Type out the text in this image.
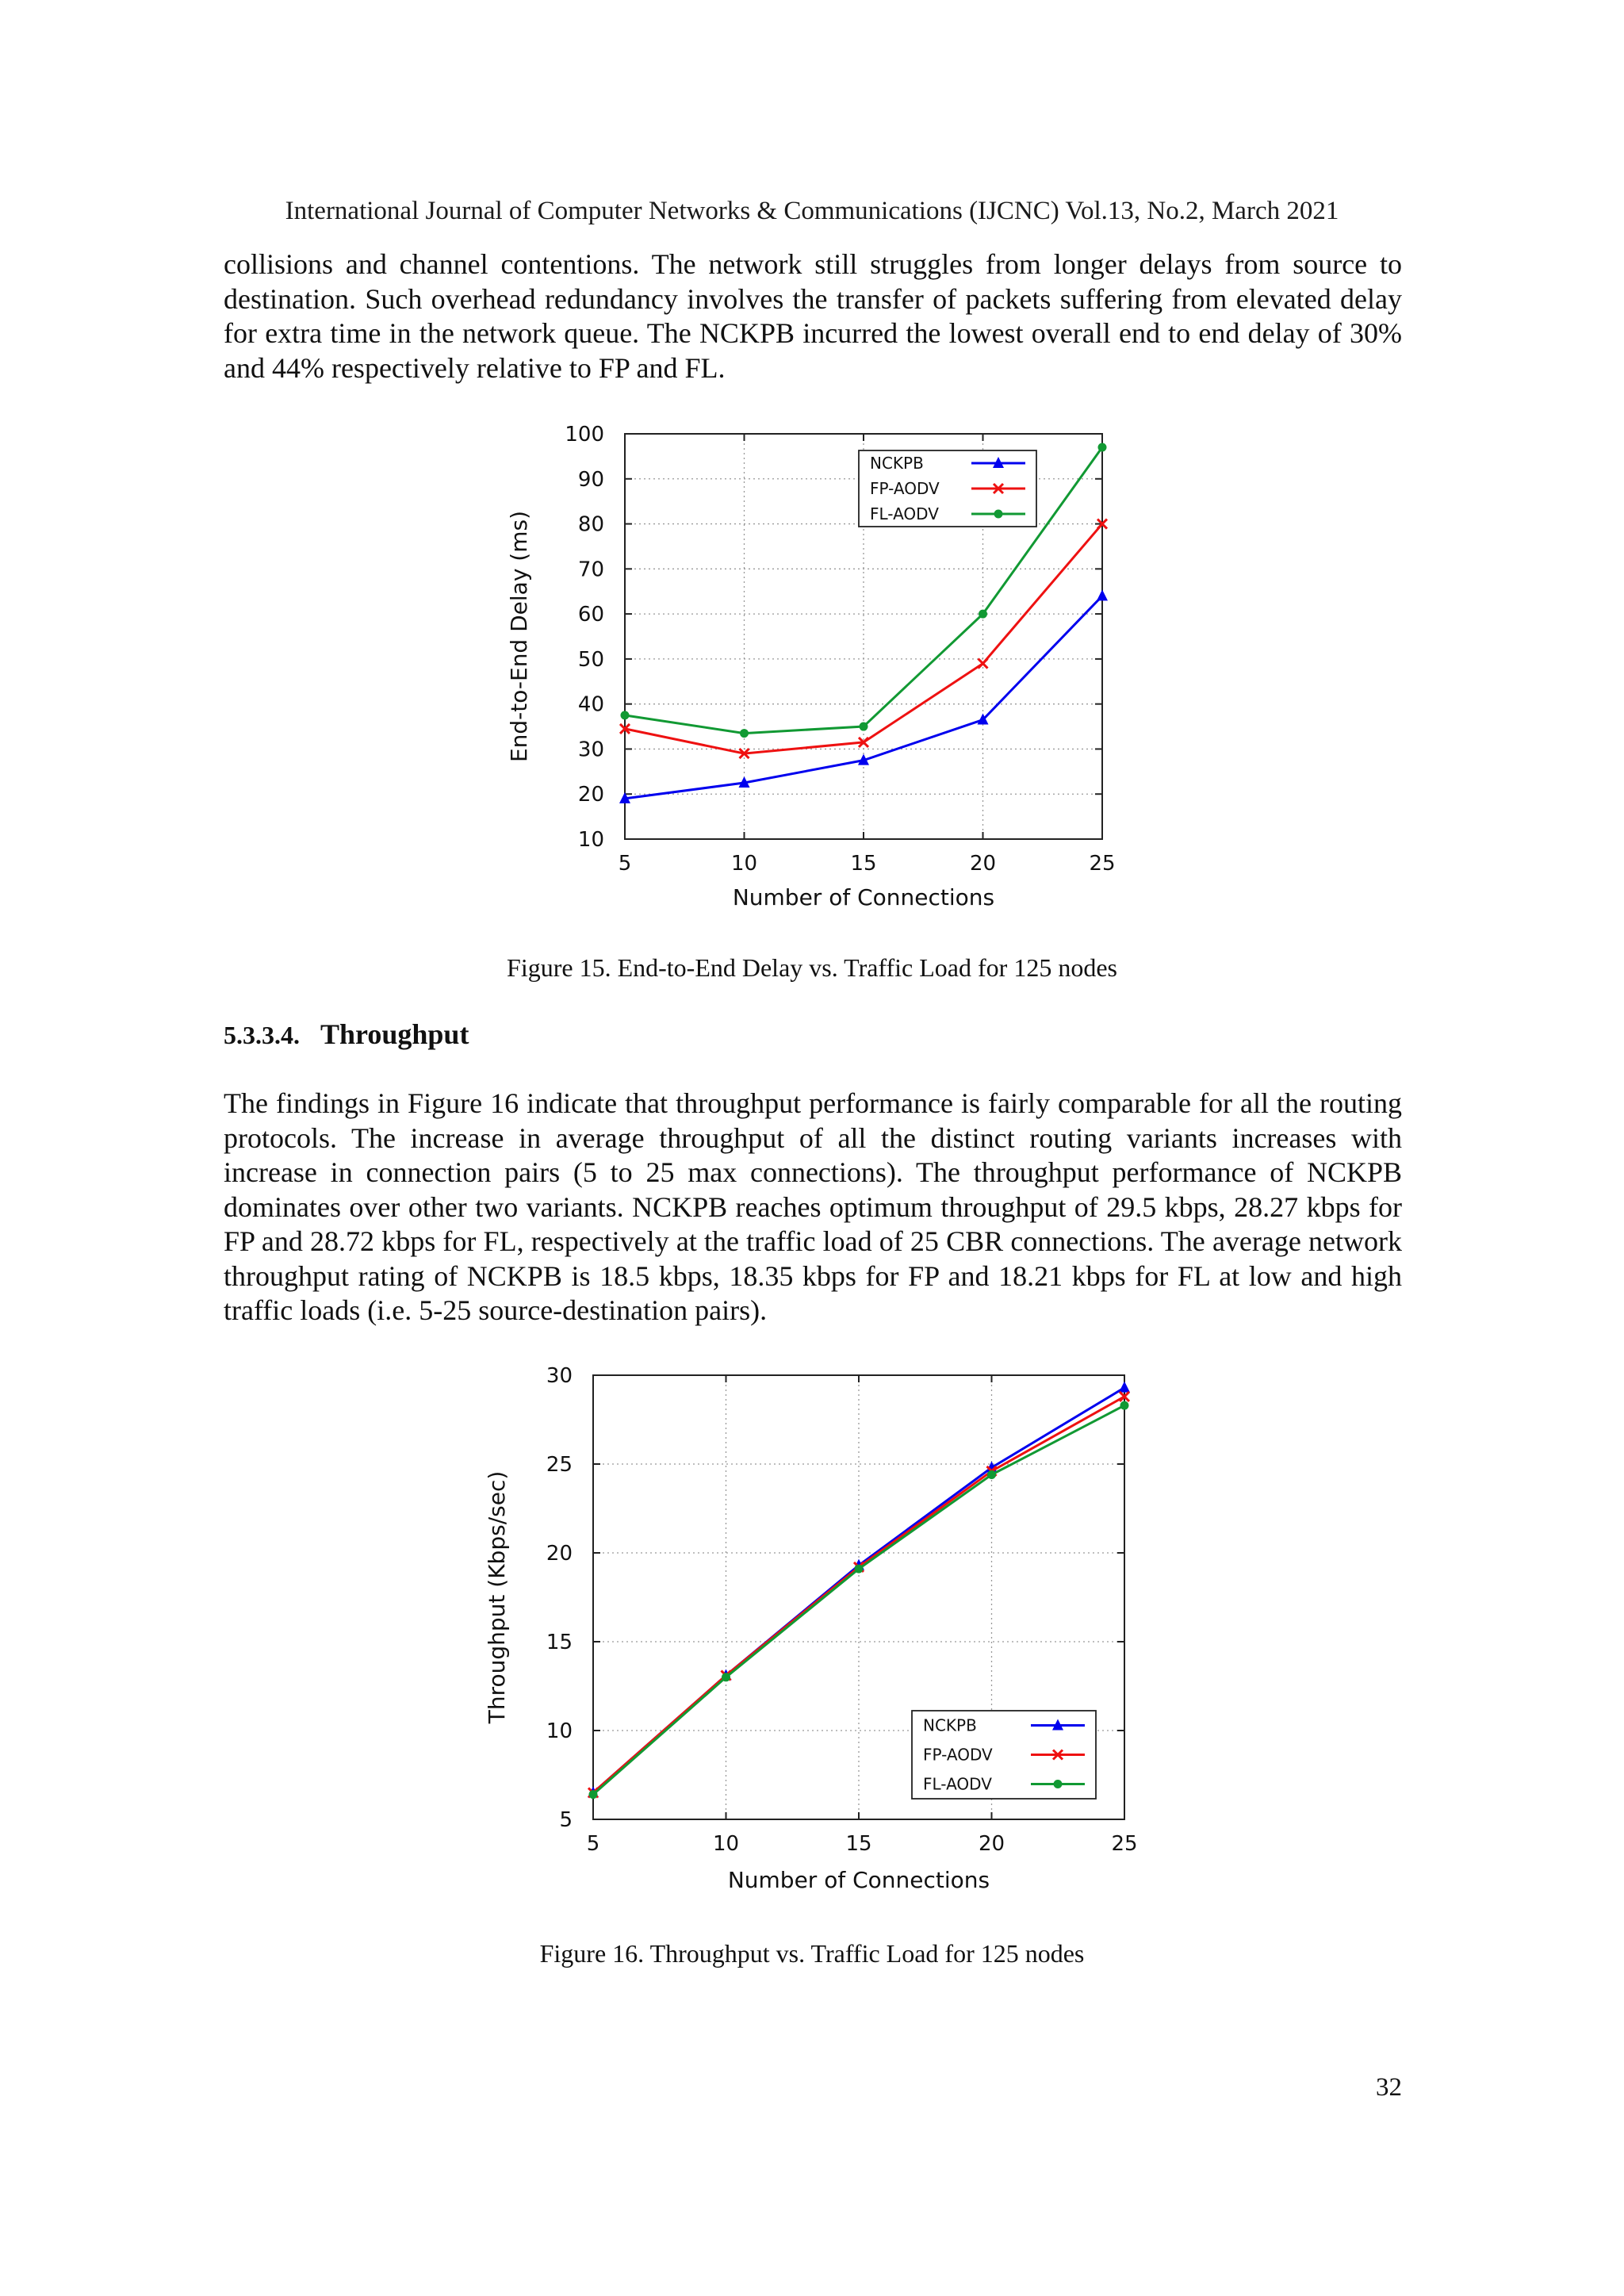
International Journal of Computer Networks & Communications (IJCNC) Vol.13, No.2, March 2021

collisions and channel contentions. The network still struggles from longer delays from source to destination. Such overhead redundancy involves the transfer of packets suffering from elevated delay for extra time in the network queue. The NCKPB incurred the lowest overall end to end delay of 30% and 44% respectively relative to FP and FL.

5	10	15	20	25
10
20
30
40
50
60
70
80
90
100
Number of Connections
End-to-End Delay (ms)
NCKPB
FP-AODV
FL-AODV
Figure 15. End-to-End Delay vs. Traffic Load for 125 nodes
5.3.3.4. Throughput

The findings in Figure 16 indicate that throughput performance is fairly comparable for all the routing protocols. The increase in average throughput of all the distinct routing variants increases with increase in connection pairs (5 to 25 max connections). The throughput performance of NCKPB dominates over other two variants. NCKPB reaches optimum throughput of 29.5 kbps, 28.27 kbps for FP and 28.72 kbps for FL, respectively at the traffic load of 25 CBR connections. The average network throughput rating of NCKPB is 18.5 kbps, 18.35 kbps for FP and 18.21 kbps for FL at low and high traffic loads (i.e. 5-25 source-destination pairs).

5	10	15	20	25
5
10
15
20
25
30
Number of Connections
Throughput (Kbps/sec)
NCKPB
FP-AODV
FL-AODV
Figure 16. Throughput vs. Traffic Load for 125 nodes
32
